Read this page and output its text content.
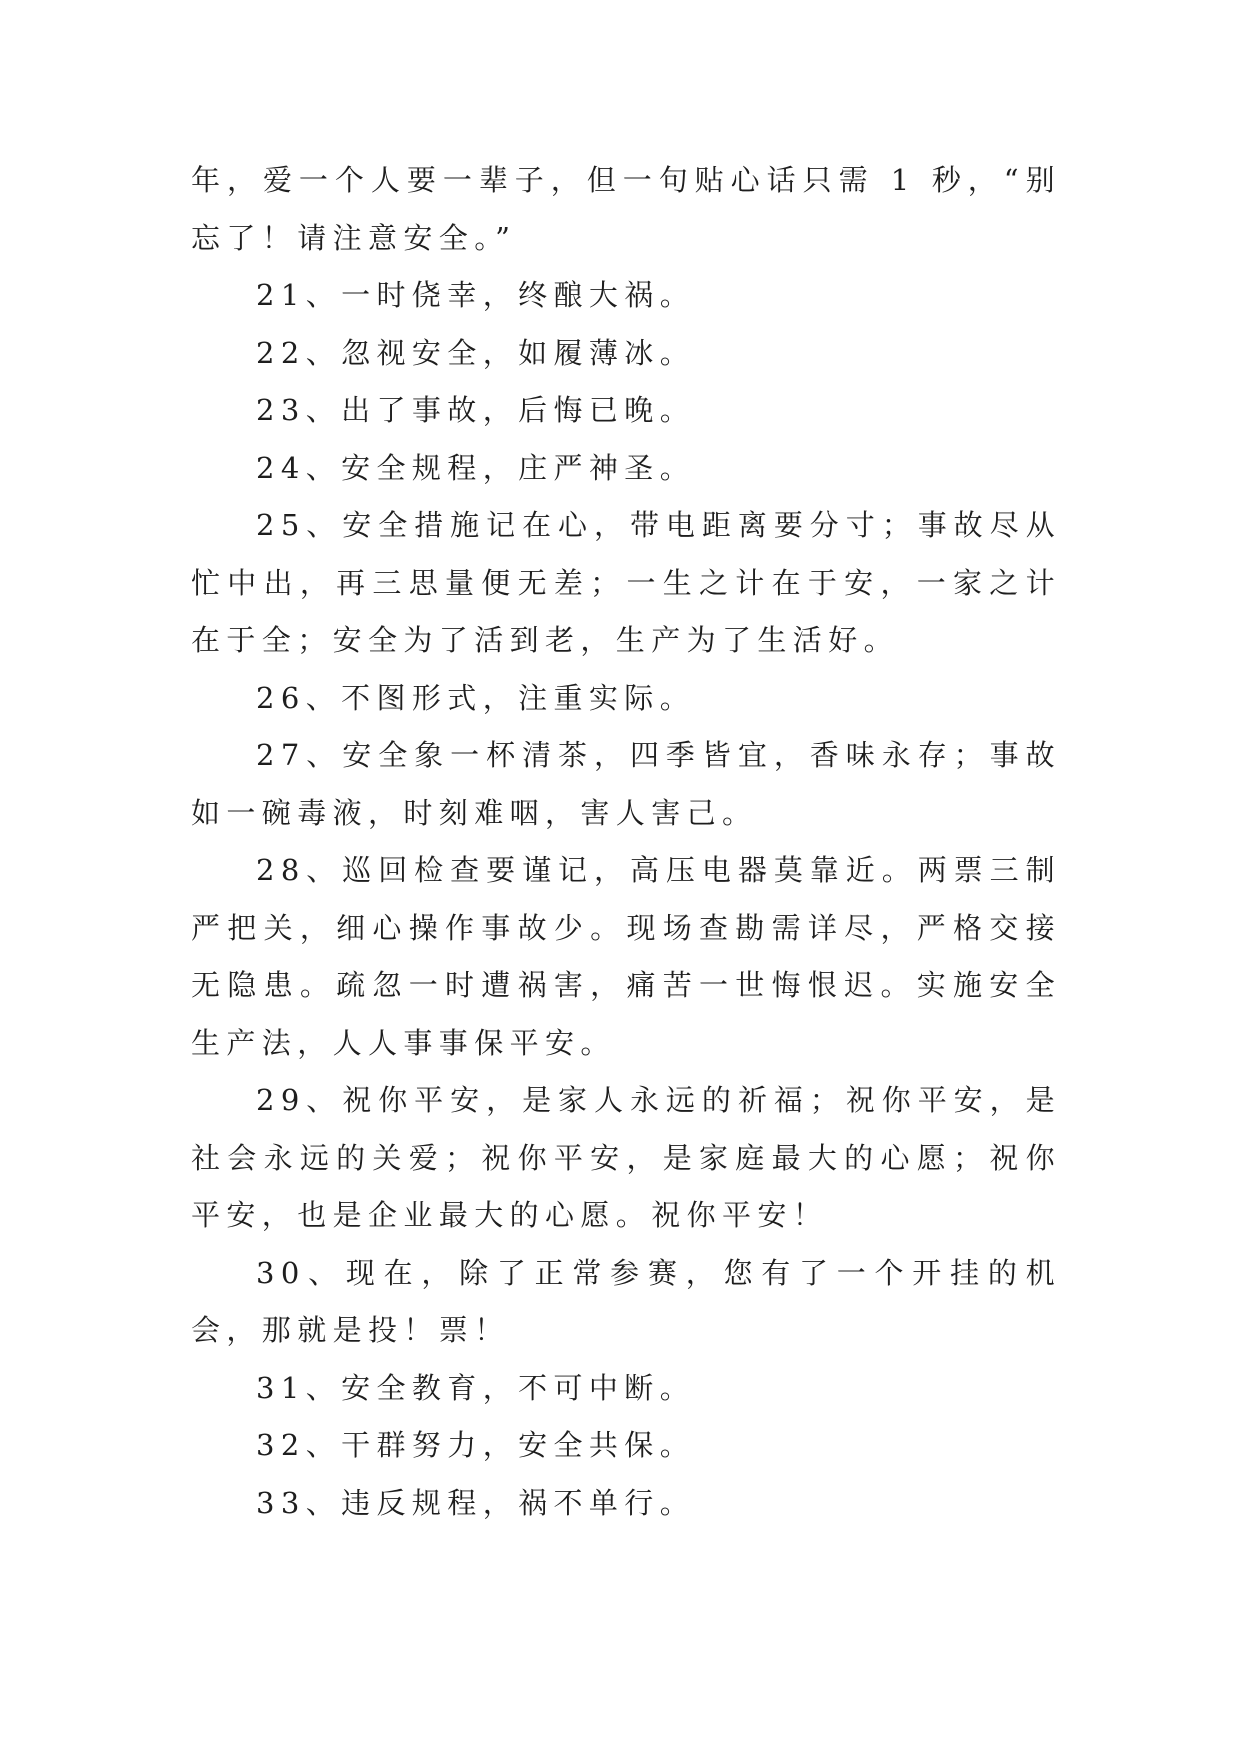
年，爱一个人要一辈子，但一句贴心话只需 1 秒，“别忘了！请注意安全。”

21、一时侥幸，终酿大祸。

22、忽视安全，如履薄冰。

23、出了事故，后悔已晚。

24、安全规程，庄严神圣。

25、安全措施记在心，带电距离要分寸；事故尽从忙中出，再三思量便无差；一生之计在于安，一家之计在于全；安全为了活到老，生产为了生活好。

26、不图形式，注重实际。

27、安全象一杯清茶，四季皆宜，香味永存；事故如一碗毒液，时刻难咽，害人害己。

28、巡回检查要谨记，高压电器莫靠近。两票三制严把关，细心操作事故少。现场查勘需详尽，严格交接无隐患。疏忽一时遭祸害，痛苦一世悔恨迟。实施安全生产法，人人事事保平安。

29、祝你平安，是家人永远的祈福；祝你平安，是社会永远的关爱；祝你平安，是家庭最大的心愿；祝你平安，也是企业最大的心愿。祝你平安！

30、现在，除了正常参赛，您有了一个开挂的机会，那就是投！票！

31、安全教育，不可中断。

32、干群努力，安全共保。

33、违反规程，祸不单行。
